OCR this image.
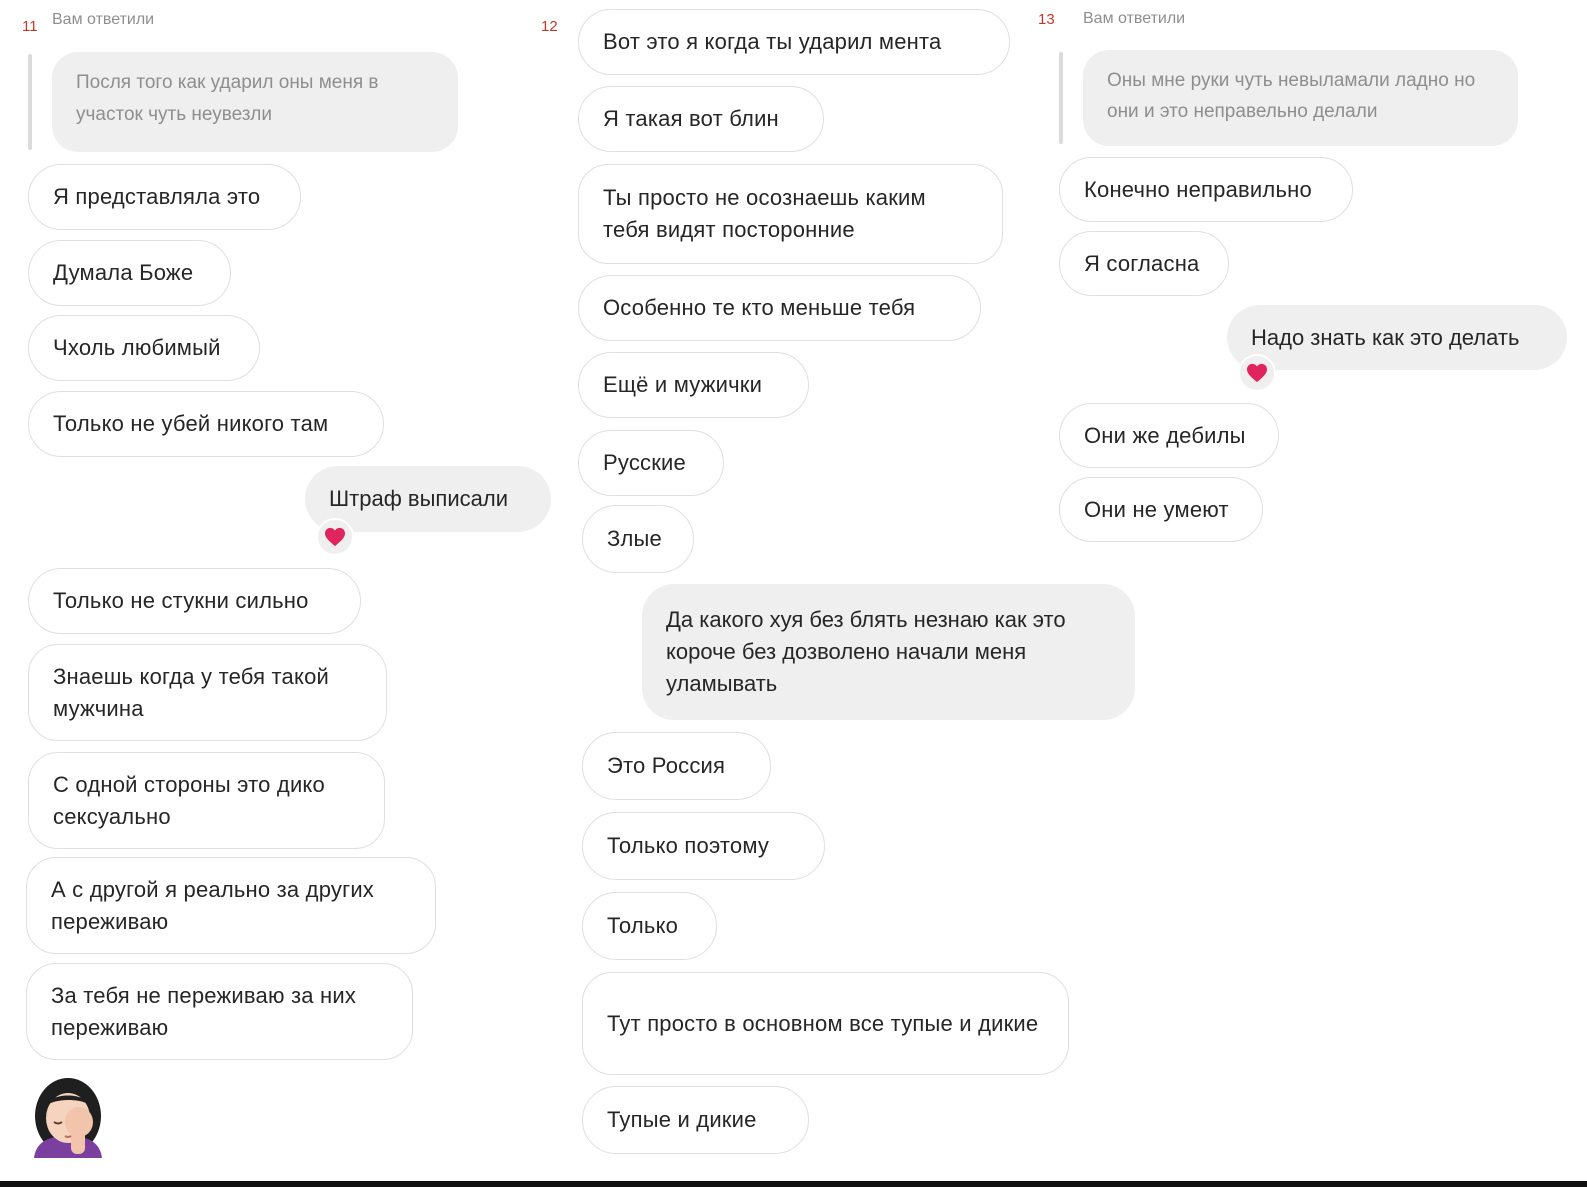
11 Вам ответили
Посля того как ударил оны меня в участок чуть неувезли
Я представляла это
Думала Боже
Чхоль любимый
Только не убей никого там
Штраф выписали
Только не стукни сильно
Знаешь когда у тебя такой мужчина
С одной стороны это дико сексуально
А с другой я реально за других переживаю
За тебя не переживаю за них переживаю
12
Вот это я когда ты ударил мента
Я такая вот блин
Ты просто не осознаешь каким тебя видят посторонние
Особенно те кто меньше тебя
Ещё и мужички
Русские
Злые
Да какого хуя без блять незнаю как это короче без дозволено начали меня уламывать
Это Россия
Только поэтому
Только
Тут просто в основном все тупые и дикие
Тупые и дикие
13 Вам ответили
Оны мне руки чуть невыламали ладно но они и это неправельно делали
Конечно неправильно
Я согласна
Надо знать как это делать
Они же дебилы
Они не умеют
